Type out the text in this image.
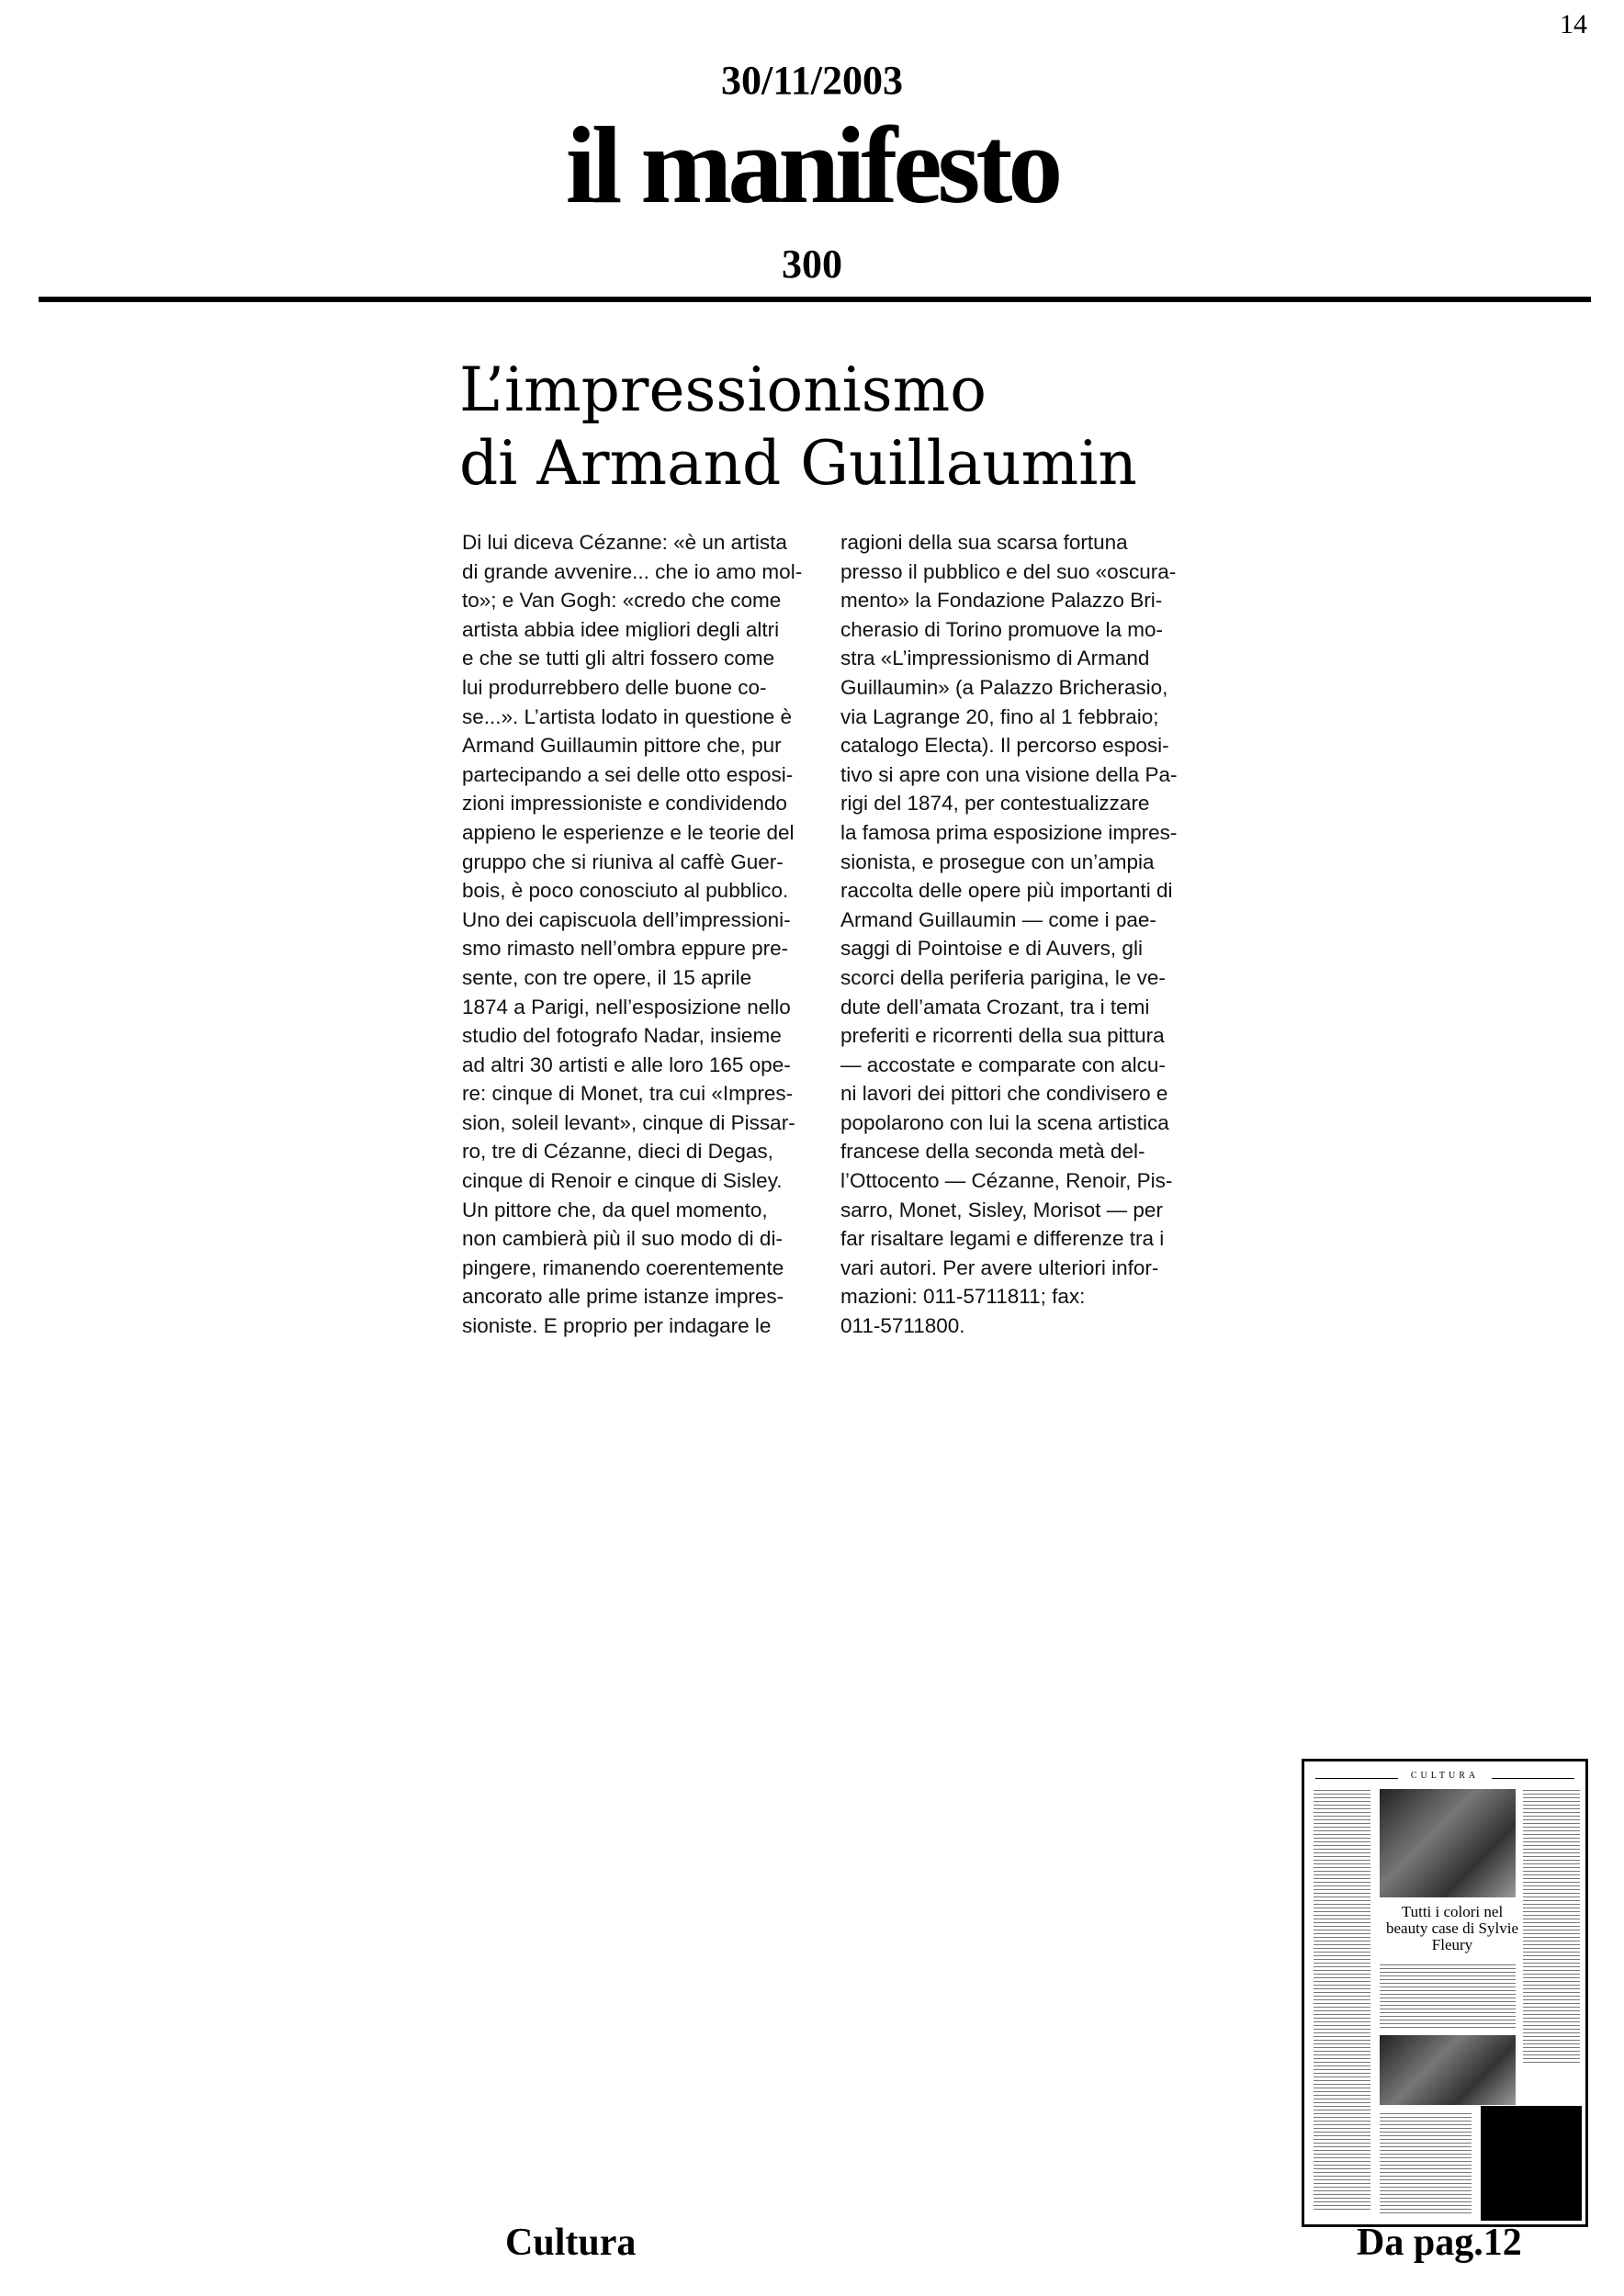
14
30/11/2003
il manifesto
300
L’impressionismo
di Armand Guillaumin
Di lui diceva Cézanne: «è un artista
di grande avvenire... che io amo mol-
to»; e Van Gogh: «credo che come
artista abbia idee migliori degli altri
e che se tutti gli altri fossero come
lui produrrebbero delle buone co-
se...». L’artista lodato in questione è
Armand Guillaumin pittore che, pur
partecipando a sei delle otto esposi-
zioni impressioniste e condividendo
appieno le esperienze e le teorie del
gruppo che si riuniva al caffè Guer-
bois, è poco conosciuto al pubblico.
Uno dei capiscuola dell’impressioni-
smo rimasto nell’ombra eppure pre-
sente, con tre opere, il 15 aprile
1874 a Parigi, nell’esposizione nello
studio del fotografo Nadar, insieme
ad altri 30 artisti e alle loro 165 ope-
re: cinque di Monet, tra cui «Impres-
sion, soleil levant», cinque di Pissar-
ro, tre di Cézanne, dieci di Degas,
cinque di Renoir e cinque di Sisley.
Un pittore che, da quel momento,
non cambierà più il suo modo di di-
pingere, rimanendo coerentemente
ancorato alle prime istanze impres-
sioniste. E proprio per indagare le
ragioni della sua scarsa fortuna
presso il pubblico e del suo «oscura-
mento» la Fondazione Palazzo Bri-
cherasio di Torino promuove la mo-
stra «L’impressionismo di Armand
Guillaumin» (a Palazzo Bricherasio,
via Lagrange 20, fino al 1 febbraio;
catalogo Electa). Il percorso esposi-
tivo si apre con una visione della Pa-
rigi del 1874, per contestualizzare
la famosa prima esposizione impres-
sionista, e prosegue con un’ampia
raccolta delle opere più importanti di
Armand Guillaumin — come i pae-
saggi di Pointoise e di Auvers, gli
scorci della periferia parigina, le ve-
dute dell’amata Crozant, tra i temi
preferiti e ricorrenti della sua pittura
— accostate e comparate con alcu-
ni lavori dei pittori che condivisero e
popolarono con lui la scena artistica
francese della seconda metà del-
l’Ottocento — Cézanne, Renoir, Pis-
sarro, Monet, Sisley, Morisot — per
far risaltare legami e differenze tra i
vari autori. Per avere ulteriori infor-
mazioni: 011-5711811; fax:
011-5711800.
CULTURA
Tutti i colori nel beauty case di Sylvie Fleury
Cultura	Da pag.12
